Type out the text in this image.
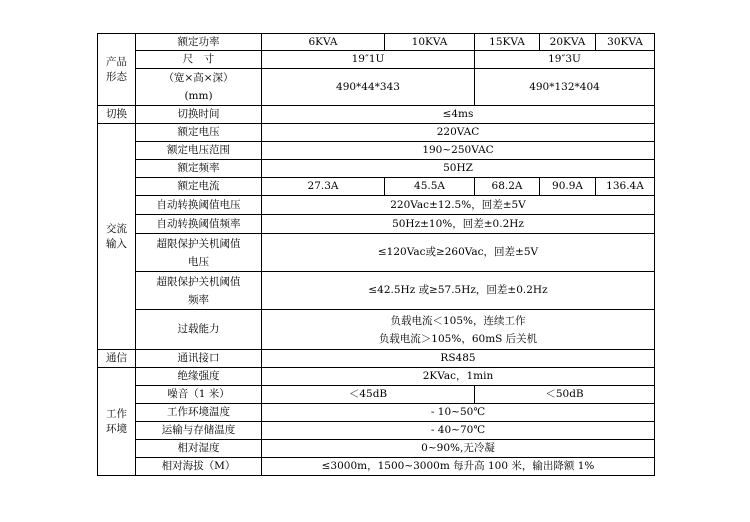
产品
形态	额定功率	6KVA	10KVA	15KVA	20KVA	30KVA
	尺　寸	19″1U		19″3U		

	（宽×高×深）
(mm)	490*44*343		490*132*404		

切换	切换时间	≤4ms				

交流
输入	额定电压	220VAC				
	额定电压范围	190~250VAC				
	额定频率	50HZ				
	额定电流	27.3A	45.5A	68.2A	90.9A	136.4A
	自动转换阈值电压	220Vac±12.5%，回差±5V				
	自动转换阈值频率	50Hz±10%，回差±0.2Hz				

	超限保护关机阈值
电压	≤120Vac或≥260Vac，回差±5V				

	超限保护关机阈值
频率	≤42.5Hz 或≥57.5Hz，回差±0.2Hz				
	过载能力	负载电流＜105%，连续工作
负载电流＞105%，60mS 后关机				

通信	通讯接口	RS485				

工作
环境	绝缘强度	2KVac，1min				
	噪音（1 米）	＜45dB		＜50dB		
	工作环境温度	- 10~50℃				
	运输与存储温度	- 40~70℃				
	相对湿度	0~90%,无冷凝				
	相对海拔（M）	≤3000m，1500~3000m 每升高 100 米，输出降额 1%				
